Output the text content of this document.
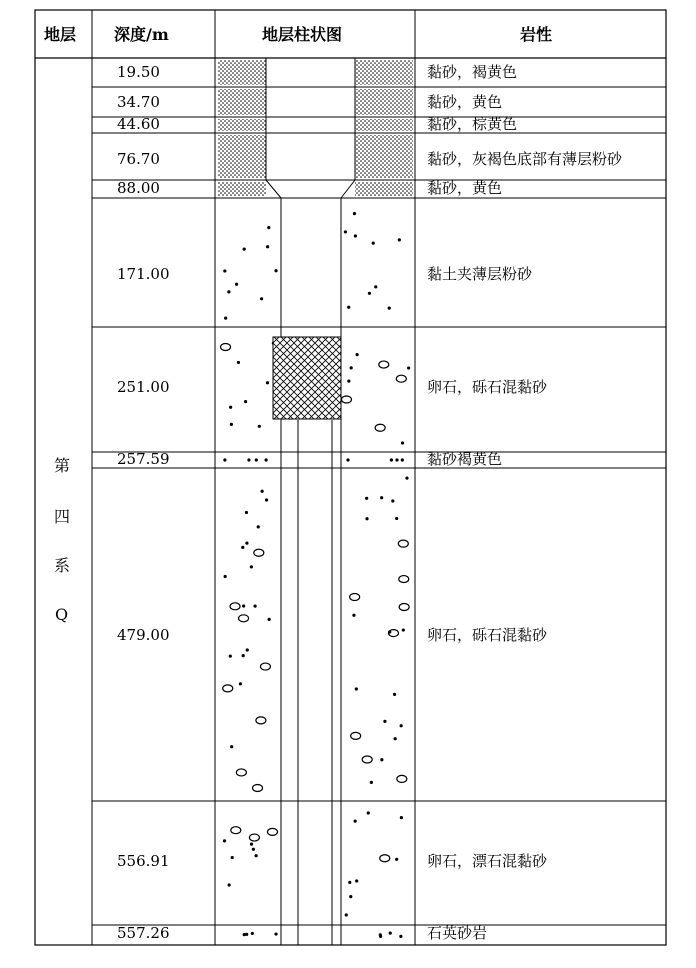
地层 深度/m	地层柱状图	岩性
第
四
系
Q
19.50	黏砂，褐黄色
34.70	黏砂，黄色
44.60	黏砂，棕黄色
76.70	黏砂，灰褐色底部有薄层粉砂
88.00	黏砂，黄色
171.00	黏土夹薄层粉砂
251.00	卵石，砾石混黏砂
257.59	黏砂褐黄色
479.00	卵石，砾石混黏砂
556.91	卵石，漂石混黏砂
557.26	石英砂岩
